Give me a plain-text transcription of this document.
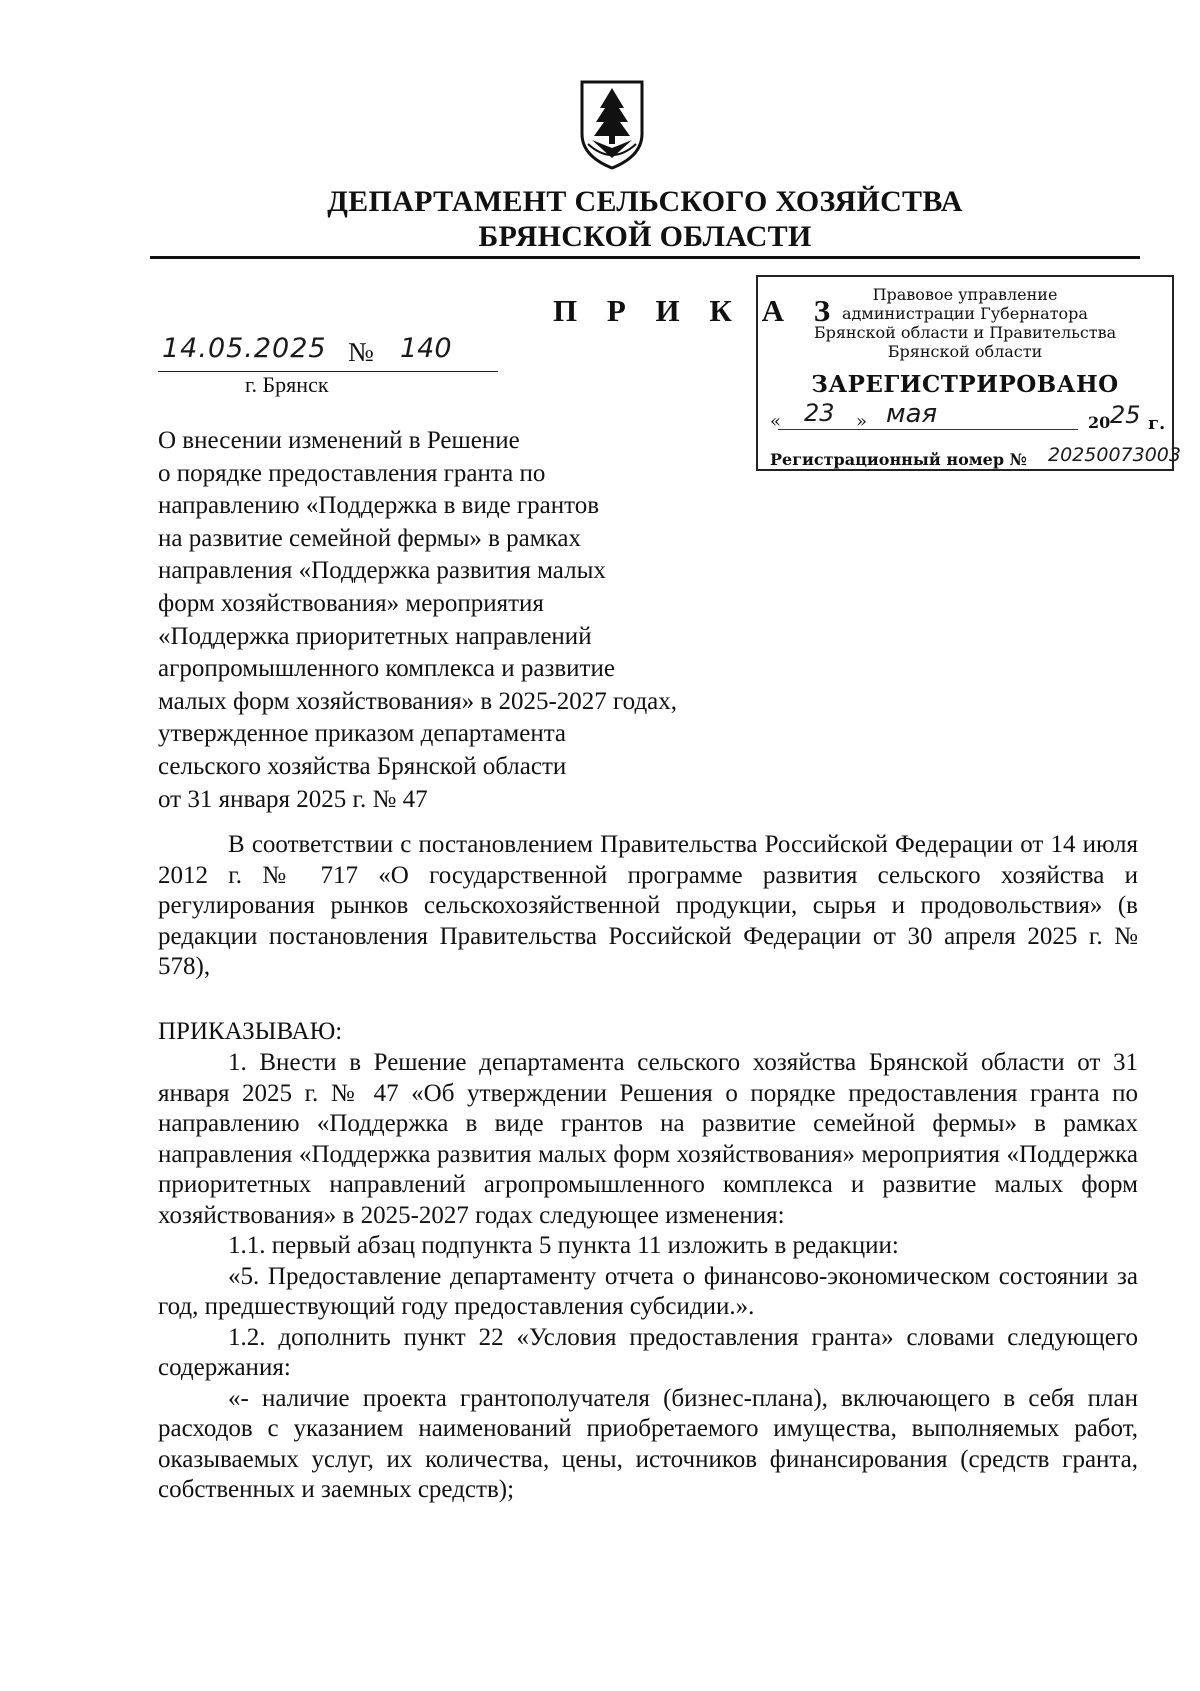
ДЕПАРТАМЕНТ СЕЛЬСКОГО ХОЗЯЙСТВА
БРЯНСКОЙ ОБЛАСТИ
П Р И К А З
14.05.2025 № 140
г. Брянск
Правовое управление
администрации Губернатора
Брянской области и Правительства
Брянской области
ЗАРЕГИСТРИРОВАНО
« 23 » мая	20 25 г.
Регистрационный номер № 20250073003
О внесении изменений в Решение
о порядке предоставления гранта по
направлению «Поддержка в виде грантов
на развитие семейной фермы» в рамках
направления «Поддержка развития малых
форм хозяйствования» мероприятия
«Поддержка приоритетных направлений
агропромышленного комплекса и развитие
малых форм хозяйствования» в 2025-2027 годах,
утвержденное приказом департамента
сельского хозяйства Брянской области
от 31 января 2025 г. № 47
В соответствии с постановлением Правительства Российской Федерации от 14 июля 2012 г. № 717 «О государственной программе развития сельского хозяйства и регулирования рынков сельскохозяйственной продукции, сырья и продовольствия» (в редакции постановления Правительства Российской Федерации от 30 апреля 2025 г. № 578),
ПРИКАЗЫВАЮ:
1. Внести в Решение департамента сельского хозяйства Брянской области от 31 января 2025 г. № 47 «Об утверждении Решения о порядке предоставления гранта по направлению «Поддержка в виде грантов на развитие семейной фермы» в рамках направления «Поддержка развития малых форм хозяйствования» мероприятия «Поддержка приоритетных направлений агропромышленного комплекса и развитие малых форм хозяйствования» в 2025-2027 годах следующее изменения:
1.1. первый абзац подпункта 5 пункта 11 изложить в редакции:
«5. Предоставление департаменту отчета о финансово-экономическом состоянии за год, предшествующий году предоставления субсидии.».
1.2. дополнить пункт 22 «Условия предоставления гранта» словами следующего содержания:
«- наличие проекта грантополучателя (бизнес-плана), включающего в себя план расходов с указанием наименований приобретаемого имущества, выполняемых работ, оказываемых услуг, их количества, цены, источников финансирования (средств гранта, собственных и заемных средств);
